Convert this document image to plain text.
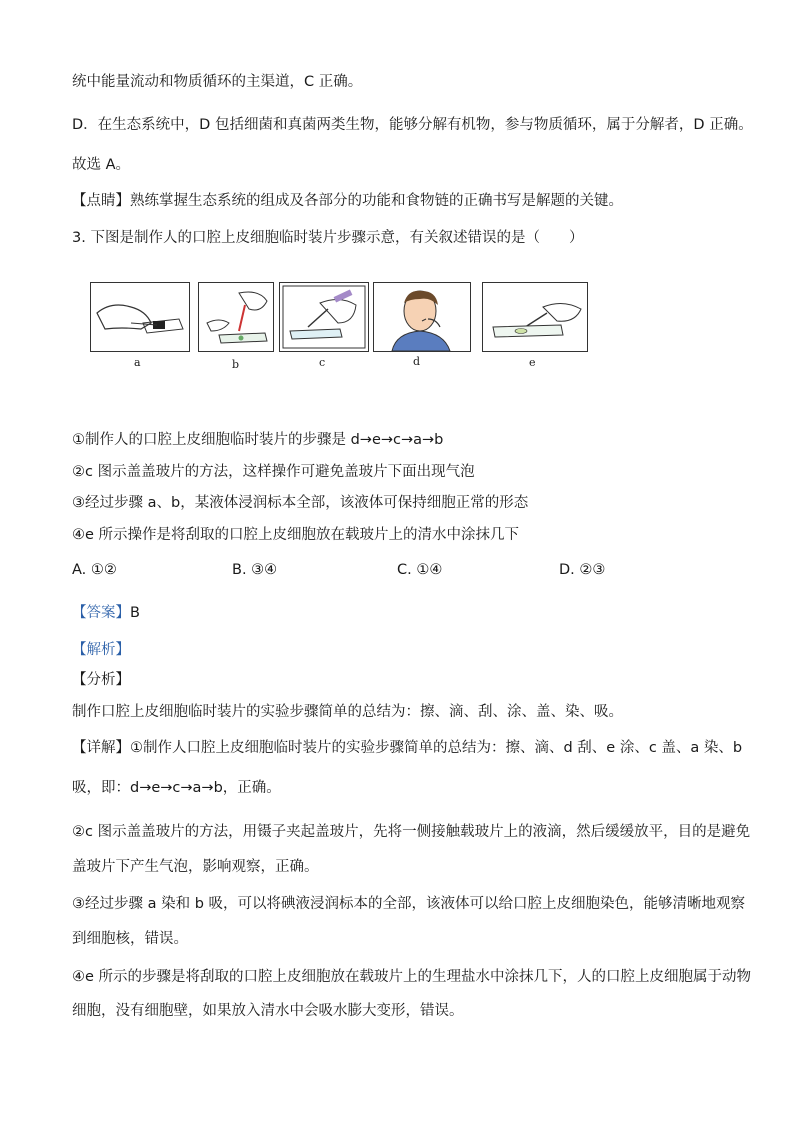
统中能量流动和物质循环的主渠道，C 正确。
D．在生态系统中，D 包括细菌和真菌两类生物，能够分解有机物，参与物质循环，属于分解者，D 正确。
故选 A。
【点睛】熟练掌握生态系统的组成及各部分的功能和食物链的正确书写是解题的关键。
3. 下图是制作人的口腔上皮细胞临时装片步骤示意，有关叙述错误的是（　　）
a	b	c	d	e
①制作人的口腔上皮细胞临时装片的步骤是 d→e→c→a→b
②c 图示盖盖玻片的方法，这样操作可避免盖玻片下面出现气泡
③经过步骤 a、b，某液体浸润标本全部，该液体可保持细胞正常的形态
④e 所示操作是将刮取的口腔上皮细胞放在载玻片上的清水中涂抹几下
A. ①②	B. ③④	C. ①④	D. ②③
【答案】B
【解析】
【分析】
制作口腔上皮细胞临时装片的实验步骤简单的总结为：擦、滴、刮、涂、盖、染、吸。
【详解】①制作人口腔上皮细胞临时装片的实验步骤简单的总结为：擦、滴、d 刮、e 涂、c 盖、a 染、b
吸，即：d→e→c→a→b，正确。
②c 图示盖盖玻片的方法，用镊子夹起盖玻片，先将一侧接触载玻片上的液滴，然后缓缓放平，目的是避免
盖玻片下产生气泡，影响观察，正确。
③经过步骤 a 染和 b 吸，可以将碘液浸润标本的全部，该液体可以给口腔上皮细胞染色，能够清晰地观察
到细胞核，错误。
④e 所示的步骤是将刮取的口腔上皮细胞放在载玻片上的生理盐水中涂抹几下，人的口腔上皮细胞属于动物
细胞，没有细胞壁，如果放入清水中会吸水膨大变形，错误。
